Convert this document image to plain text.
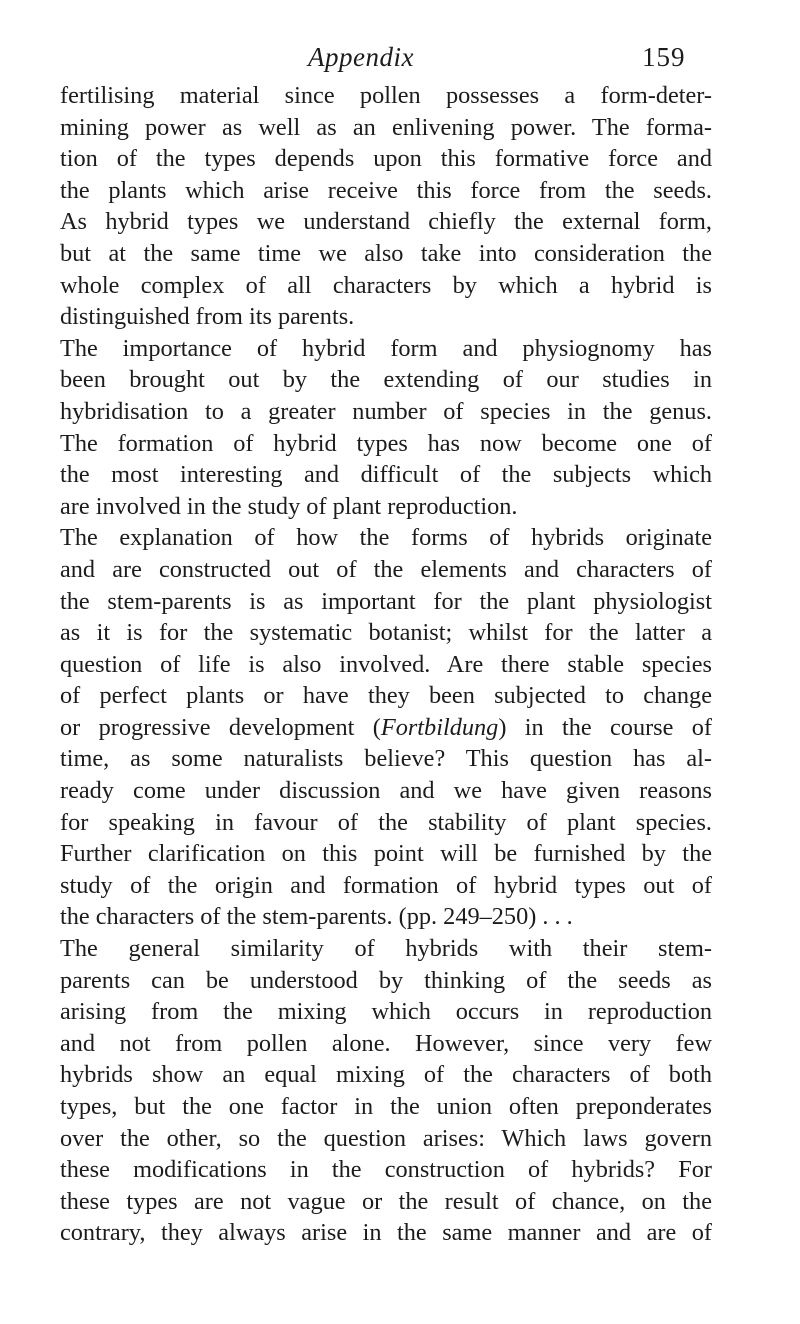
Appendix	159
fertilising material since pollen possesses a form-deter-
mining power as well as an enlivening power. The forma-
tion of the types depends upon this formative force and
the plants which arise receive this force from the seeds.
As hybrid types we understand chiefly the external form,
but at the same time we also take into consideration the
whole complex of all characters by which a hybrid is
distinguished from its parents.
The importance of hybrid form and physiognomy has
been brought out by the extending of our studies in
hybridisation to a greater number of species in the genus.
The formation of hybrid types has now become one of
the most interesting and difficult of the subjects which
are involved in the study of plant reproduction.
The explanation of how the forms of hybrids originate
and are constructed out of the elements and characters of
the stem-parents is as important for the plant physiologist
as it is for the systematic botanist; whilst for the latter a
question of life is also involved. Are there stable species
of perfect plants or have they been subjected to change
or progressive development (Fortbildung) in the course of
time, as some naturalists believe? This question has al-
ready come under discussion and we have given reasons
for speaking in favour of the stability of plant species.
Further clarification on this point will be furnished by the
study of the origin and formation of hybrid types out of
the characters of the stem-parents. (pp. 249–250) . . .
The general similarity of hybrids with their stem-
parents can be understood by thinking of the seeds as
arising from the mixing which occurs in reproduction
and not from pollen alone. However, since very few
hybrids show an equal mixing of the characters of both
types, but the one factor in the union often preponderates
over the other, so the question arises: Which laws govern
these modifications in the construction of hybrids? For
these types are not vague or the result of chance, on the
contrary, they always arise in the same manner and are of
